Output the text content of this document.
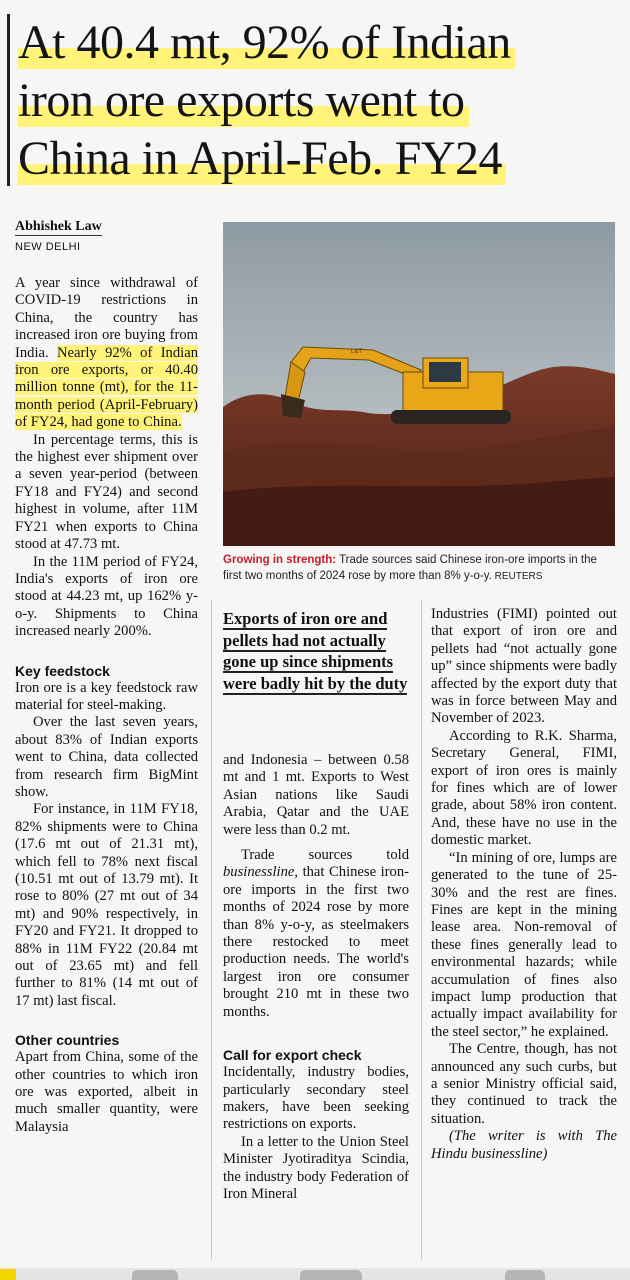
At 40.4 mt, 92% of Indian
iron ore exports went to
China in April-Feb. FY24
Abhishek Law
NEW DELHI
L&T
Growing in strength: Trade sources said Chinese iron-ore imports in the first two months of 2024 rose by more than 8% y-o-y. REUTERS

A year since withdrawal of COVID-19 restrictions in China, the country has increased iron ore buying from India. Nearly 92% of Indian iron ore exports, or 40.40 million tonne (mt), for the 11-month period (April-February) of FY24, had gone to China.

In percentage terms, this is the highest ever shipment over a seven year-period (between FY18 and FY24) and second highest in volume, after 11M FY21 when exports to China stood at 47.73 mt.

In the 11M period of FY24, India's exports of iron ore stood at 44.23 mt, up 162% y-o-y. Shipments to China increased nearly 200%.

Key feedstock

Iron ore is a key feedstock raw material for steel-making.

Over the last seven years, about 83% of Indian exports went to China, data collected from research firm BigMint show.

For instance, in 11M FY18, 82% shipments were to China (17.6 mt out of 21.31 mt), which fell to 78% next fiscal (10.51 mt out of 13.79 mt). It rose to 80% (27 mt out of 34 mt) and 90% respectively, in FY20 and FY21. It dropped to 88% in 11M FY22 (20.84 mt out of 23.65 mt) and fell further to 81% (14 mt out of 17 mt) last fiscal.

Other countries

Apart from China, some of the other countries to which iron ore was exported, albeit in much smaller quantity, were Malaysia

Exports of iron ore and pellets had not actually gone up since shipments were badly hit by the duty

and Indonesia – between 0.58 mt and 1 mt. Exports to West Asian nations like Saudi Arabia, Qatar and the UAE were less than 0.2 mt.

Trade sources told businessline, that Chinese iron-ore imports in the first two months of 2024 rose by more than 8% y-o-y, as steelmakers there restocked to meet production needs. The world's largest iron ore consumer brought 210 mt in these two months.

Call for export check

Incidentally, industry bodies, particularly secondary steel makers, have been seeking restrictions on exports.

In a letter to the Union Steel Minister Jyotiraditya Scindia, the industry body Federation of Iron Mineral

Industries (FIMI) pointed out that export of iron ore and pellets had “not actually gone up” since shipments were badly affected by the export duty that was in force between May and November of 2023.

According to R.K. Sharma, Secretary General, FIMI, export of iron ores is mainly for fines which are of lower grade, about 58% iron content. And, these have no use in the domestic market.

“In mining of ore, lumps are generated to the tune of 25-30% and the rest are fines. Fines are kept in the mining lease area. Non-removal of these fines generally lead to environmental hazards; while accumulation of fines also impact lump production that actually impact availability for the steel sector,” he explained.

The Centre, though, has not announced any such curbs, but a senior Ministry official said, they continued to track the situation.

(The writer is with The Hindu businessline)
